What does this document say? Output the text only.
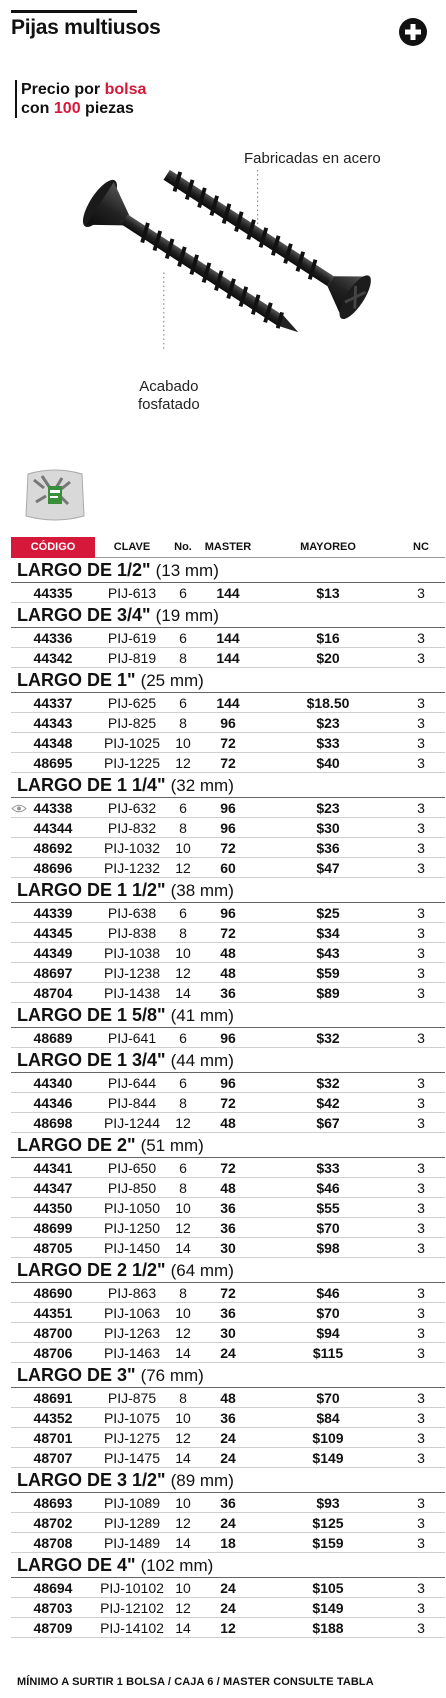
Pijas multiusos
Precio por bolsa
con 100 piezas
Fabricadas en acero
Acabado
fosfatado
CÓDIGO	CLAVE	No.	MASTER	MAYOREO	NC
LARGO DE 1/2" (13 mm)
44335	PIJ-613	6	144	$13	3
LARGO DE 3/4" (19 mm)
44336	PIJ-619	6	144	$16	3
44342	PIJ-819	8	144	$20	3
LARGO DE 1" (25 mm)
44337	PIJ-625	6	144	$18.50	3
44343	PIJ-825	8	96	$23	3
44348	PIJ-1025	10	72	$33	3
48695	PIJ-1225	12	72	$40	3
LARGO DE 1 1/4" (32 mm)
44338	PIJ-632	6	96	$23	3
44344	PIJ-832	8	96	$30	3
48692	PIJ-1032	10	72	$36	3
48696	PIJ-1232	12	60	$47	3
LARGO DE 1 1/2" (38 mm)
44339	PIJ-638	6	96	$25	3
44345	PIJ-838	8	72	$34	3
44349	PIJ-1038	10	48	$43	3
48697	PIJ-1238	12	48	$59	3
48704	PIJ-1438	14	36	$89	3
LARGO DE 1 5/8" (41 mm)
48689	PIJ-641	6	96	$32	3
LARGO DE 1 3/4" (44 mm)
44340	PIJ-644	6	96	$32	3
44346	PIJ-844	8	72	$42	3
48698	PIJ-1244	12	48	$67	3
LARGO DE 2" (51 mm)
44341	PIJ-650	6	72	$33	3
44347	PIJ-850	8	48	$46	3
44350	PIJ-1050	10	36	$55	3
48699	PIJ-1250	12	36	$70	3
48705	PIJ-1450	14	30	$98	3
LARGO DE 2 1/2" (64 mm)
48690	PIJ-863	8	72	$46	3
44351	PIJ-1063	10	36	$70	3
48700	PIJ-1263	12	30	$94	3
48706	PIJ-1463	14	24	$115	3
LARGO DE 3" (76 mm)
48691	PIJ-875	8	48	$70	3
44352	PIJ-1075	10	36	$84	3
48701	PIJ-1275	12	24	$109	3
48707	PIJ-1475	14	24	$149	3
LARGO DE 3 1/2" (89 mm)
48693	PIJ-1089	10	36	$93	3
48702	PIJ-1289	12	24	$125	3
48708	PIJ-1489	14	18	$159	3
LARGO DE 4" (102 mm)
48694	PIJ-10102 10	24	$105	3
48703	PIJ-12102 12	24	$149	3
48709	PIJ-14102 14	12	$188	3
MÍNIMO A SURTIR 1 BOLSA / CAJA 6 / MASTER CONSULTE TABLA
